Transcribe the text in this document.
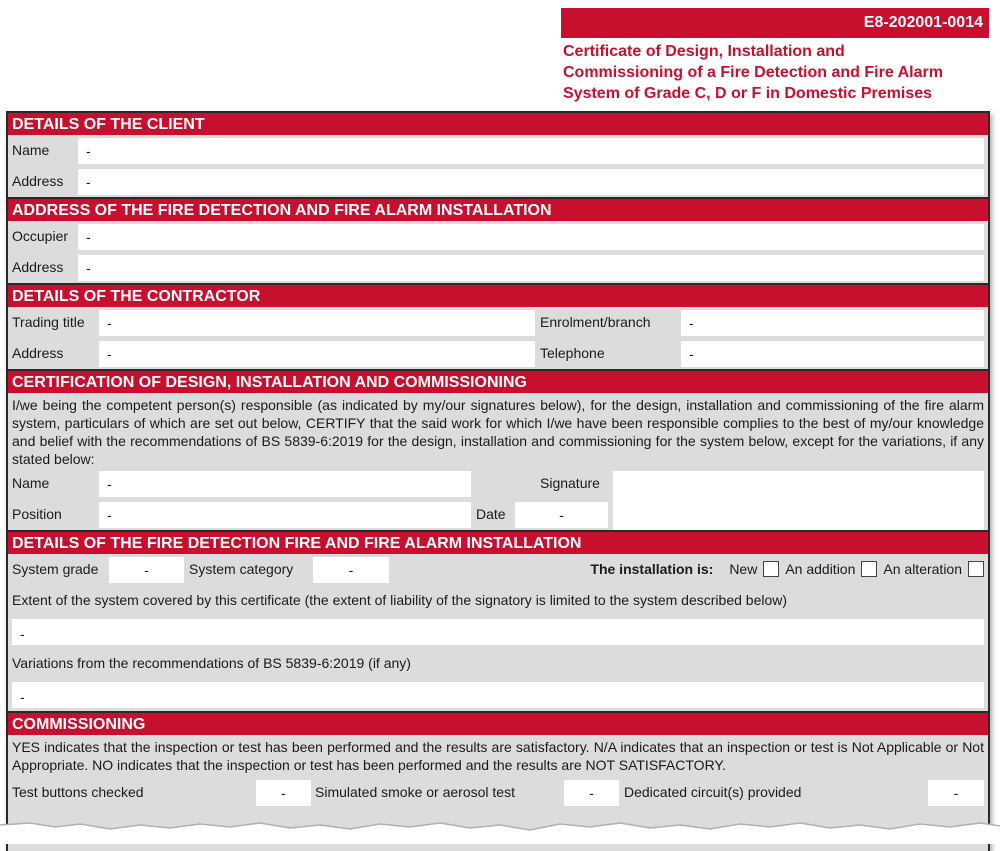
E8-202001-0014
Certificate of Design, Installation and
Commissioning of a Fire Detection and Fire Alarm
System of Grade C, D or F in Domestic Premises
DETAILS OF THE CLIENT
Name	-
Address	-
ADDRESS OF THE FIRE DETECTION AND FIRE ALARM INSTALLATION
Occupier	-
Address	-
DETAILS OF THE CONTRACTOR
Trading title	-	Enrolment/branch	-
Address	-	Telephone	-
CERTIFICATION OF DESIGN, INSTALLATION AND COMMISSIONING
I/we being the competent person(s) responsible (as indicated by my/our signatures below), for the design, installation and commissioning of the fire alarm system, particulars of which are set out below, CERTIFY that the said work for which I/we have been responsible complies to the best of my/our knowledge and belief with the recommendations of BS 5839-6:2019 for the design, installation and commissioning for the system below, except for the variations, if any stated below:
Name	-	Signature
Position	-	Date	-
DETAILS OF THE FIRE DETECTION FIRE AND FIRE ALARM INSTALLATION
System grade	-	System category	-	The installation is: New An addition An alteration
Extent of the system covered by this certificate (the extent of liability of the signatory is limited to the system described below)
-
Variations from the recommendations of BS 5839-6:2019 (if any)
-
COMMISSIONING
YES indicates that the inspection or test has been performed and the results are satisfactory. N/A indicates that an inspection or test is Not Applicable or Not Appropriate. NO indicates that the inspection or test has been performed and the results are NOT SATISFACTORY.
Test buttons checked	-	Simulated smoke or aerosol test	-	Dedicated circuit(s) provided	-
